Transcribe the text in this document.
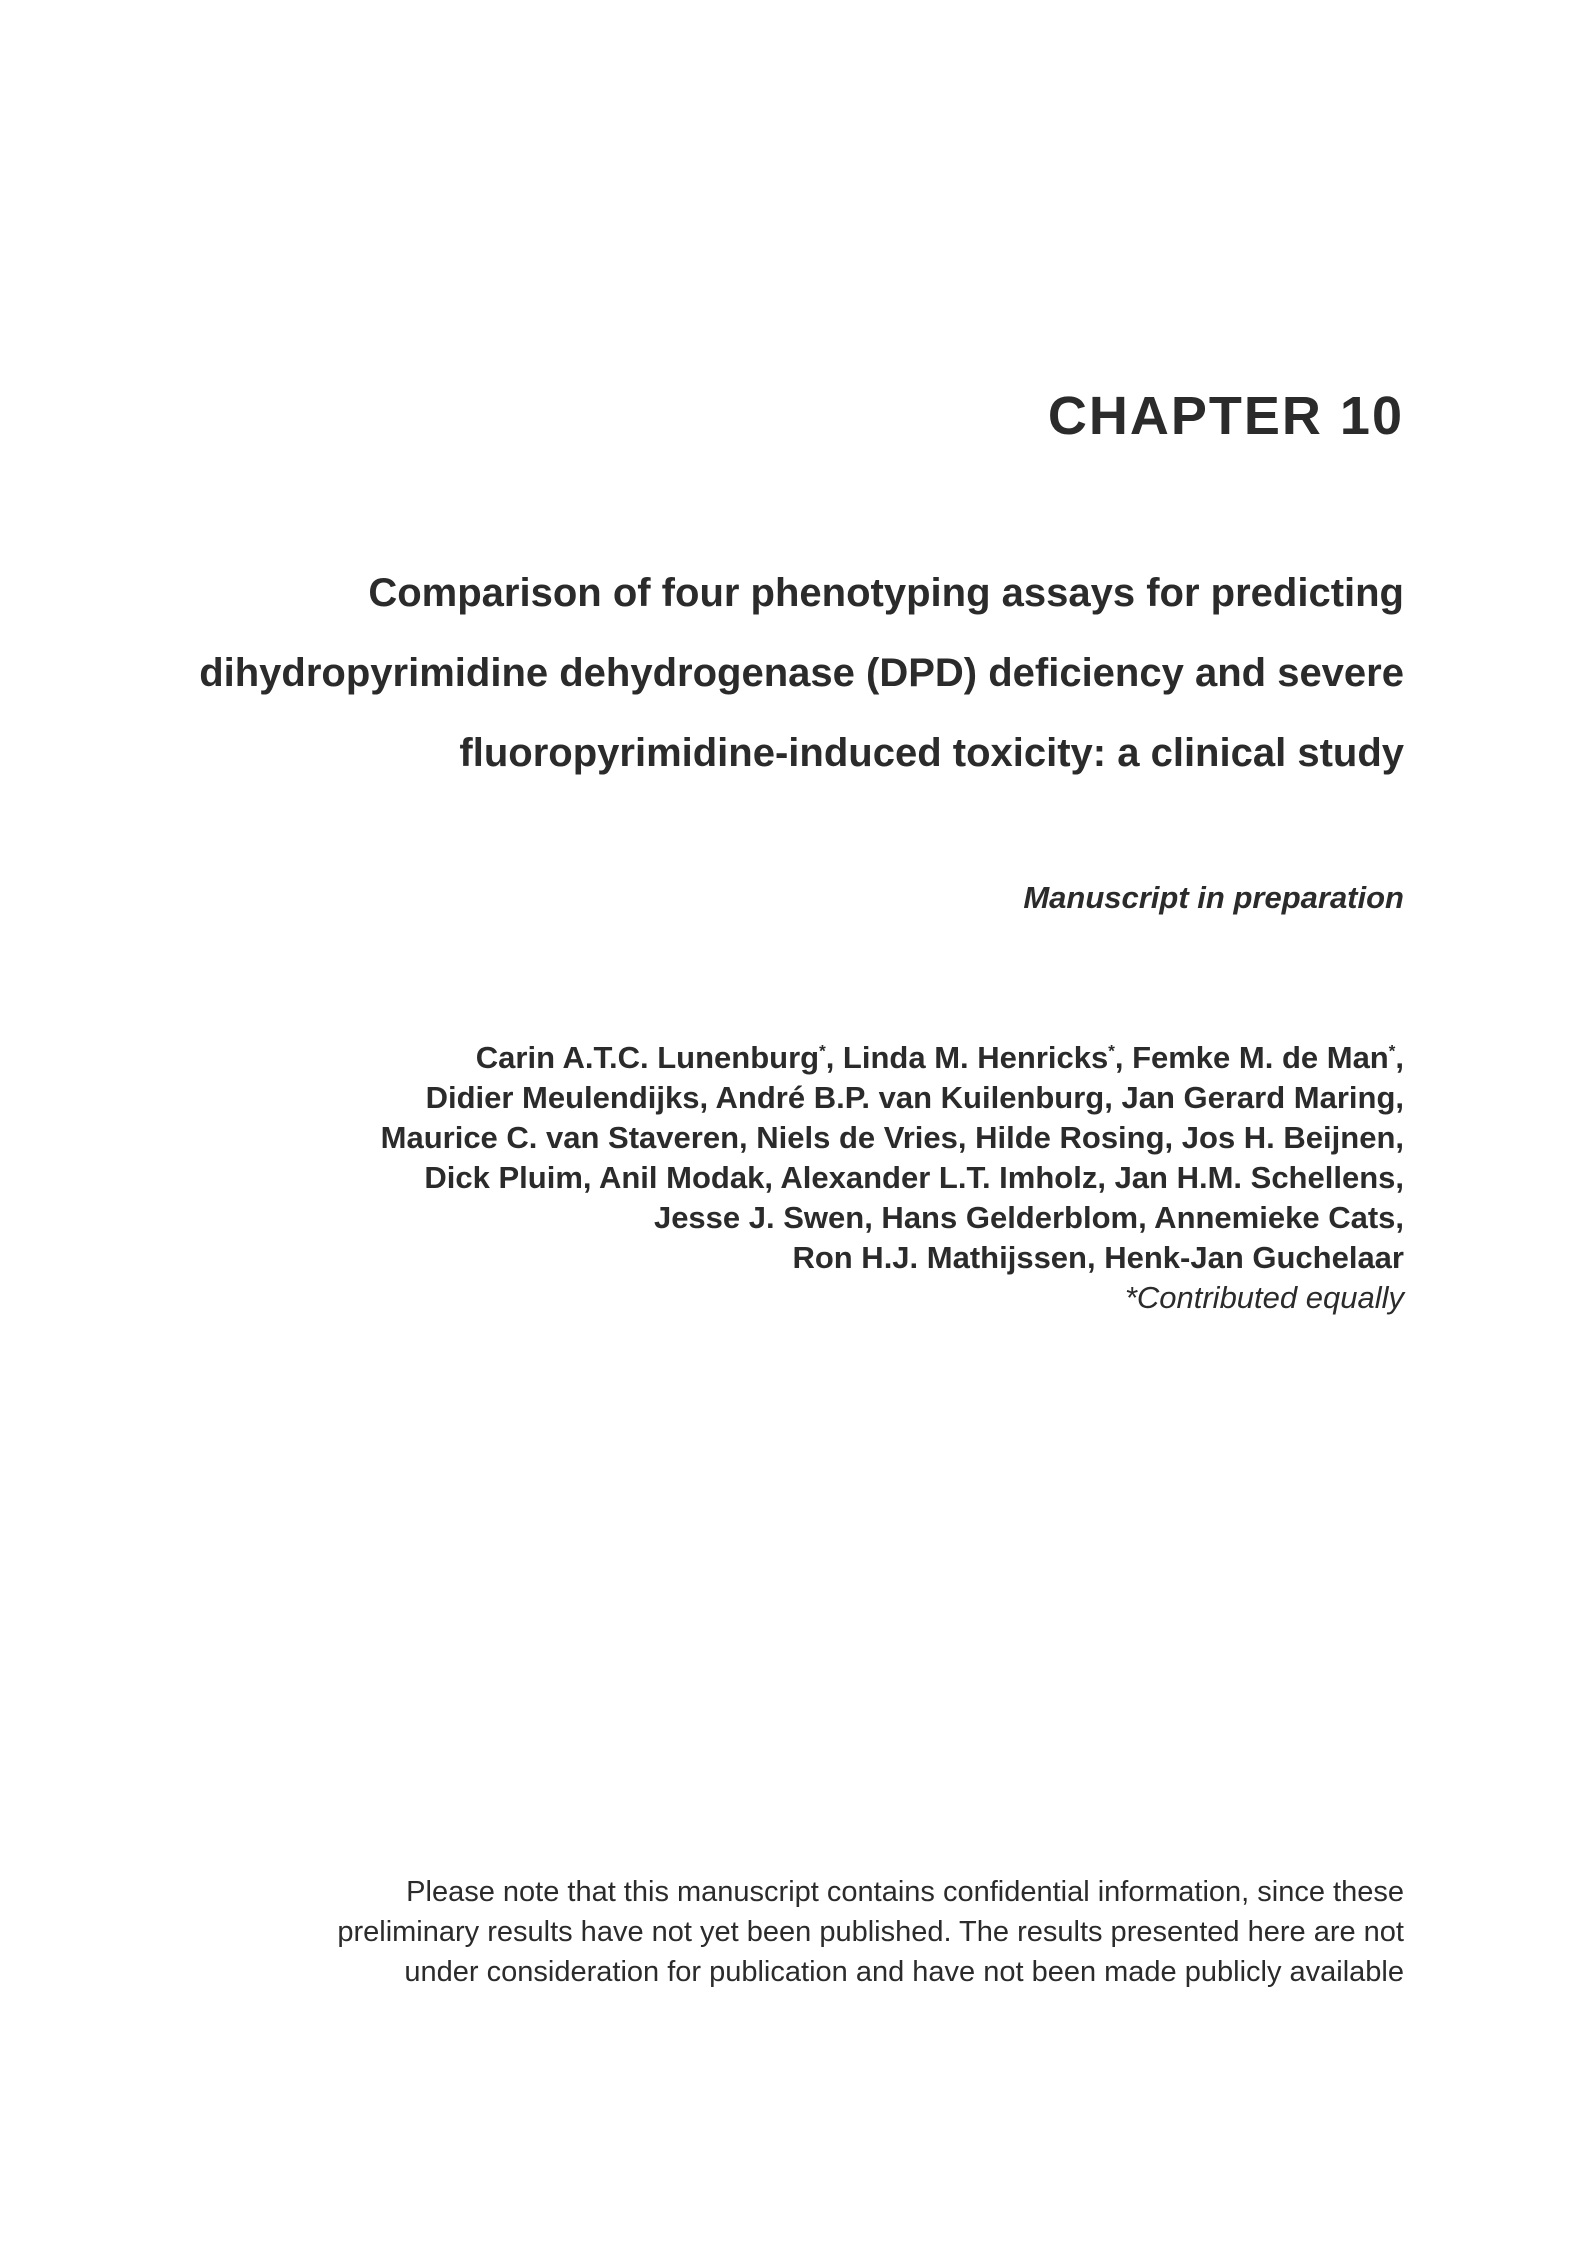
CHAPTER 10
Comparison of four phenotyping assays for predicting
dihydropyrimidine dehydrogenase (DPD) deficiency and severe
fluoropyrimidine-induced toxicity: a clinical study
Manuscript in preparation
Carin A.T.C. Lunenburg*, Linda M. Henricks*, Femke M. de Man*,
Didier Meulendijks, André B.P. van Kuilenburg, Jan Gerard Maring,
Maurice C. van Staveren, Niels de Vries, Hilde Rosing, Jos H. Beijnen,
Dick Pluim, Anil Modak, Alexander L.T. Imholz, Jan H.M. Schellens,
Jesse J. Swen, Hans Gelderblom, Annemieke Cats,
Ron H.J. Mathijssen, Henk-Jan Guchelaar
*Contributed equally
Please note that this manuscript contains confidential information, since these
preliminary results have not yet been published. The results presented here are not
under consideration for publication and have not been made publicly available
